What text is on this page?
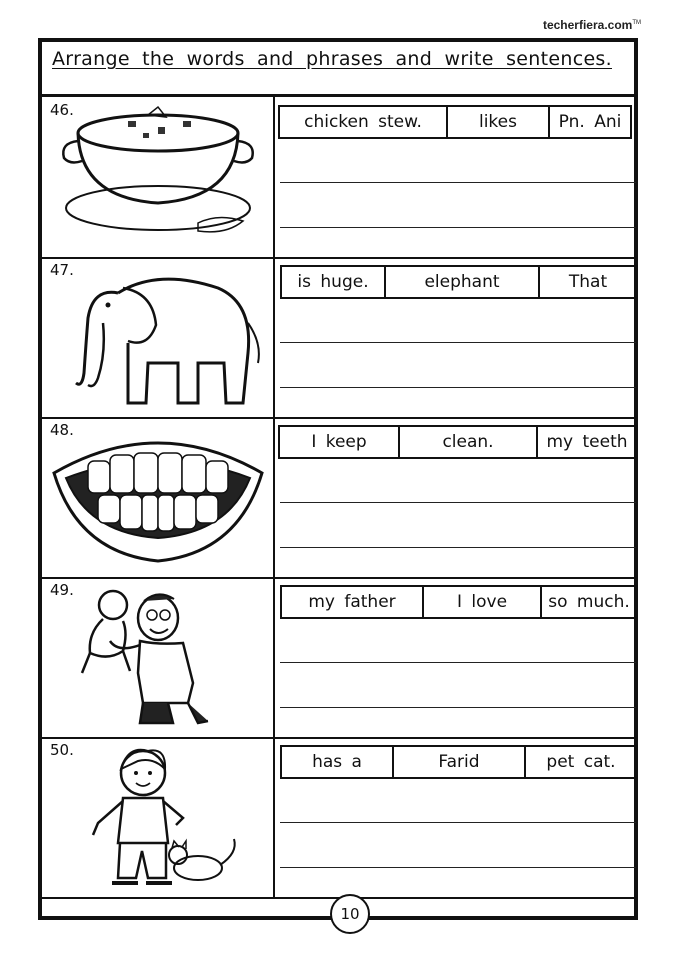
techerfiera.com™
Arrange the words and phrases and write sentences.
46.
chicken stew.	likes	Pn. Ani
47.
is huge.	elephant	That
48.
I keep	clean.	my teeth
49.
my father	I love	so much.
50.
has a	Farid	pet cat.
10
